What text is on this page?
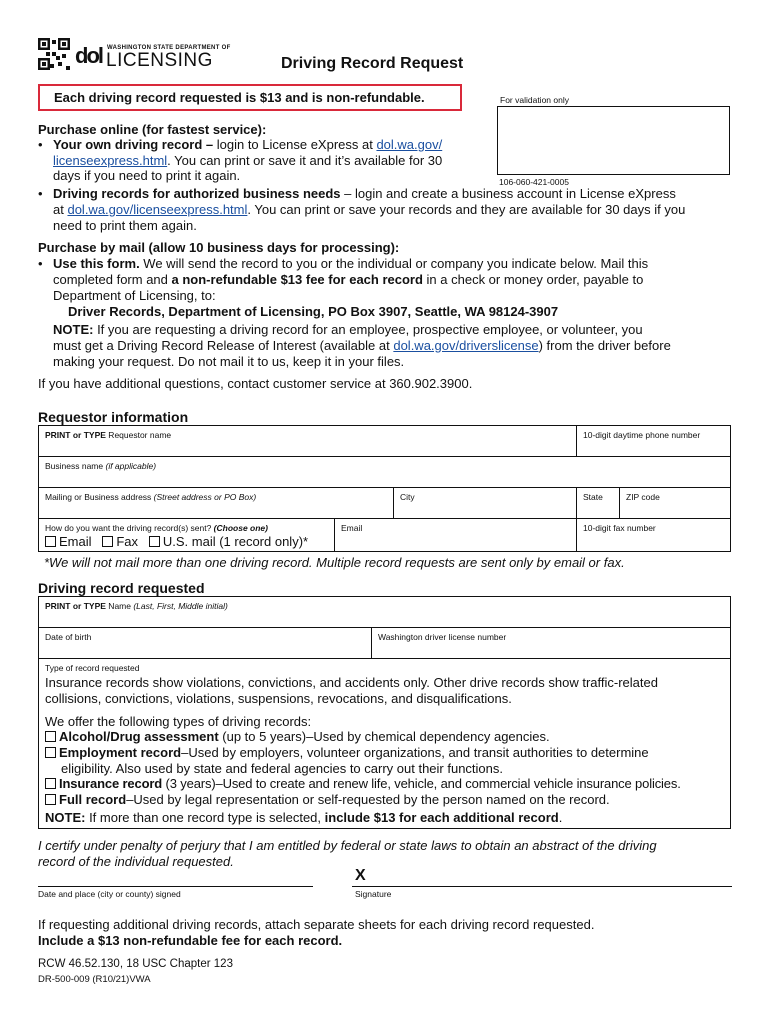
dol WASHINGTON STATE DEPARTMENT OF
LICENSING	Driving Record Request
Each driving record requested is $13 and is non-refundable.	For validation only
106-060-421-0005
Purchase online (for fastest service):
• Your own driving record – login to License eXpress at dol.wa.gov/
licenseexpress.html. You can print or save it and it’s available for 30
days if you need to print it again.
• Driving records for authorized business needs – login and create a business account in License eXpress
at dol.wa.gov/licenseexpress.html. You can print or save your records and they are available for 30 days if you
need to print them again.
Purchase by mail (allow 10 business days for processing):
• Use this form. We will send the record to you or the individual or company you indicate below. Mail this
completed form and a non-refundable $13 fee for each record in a check or money order, payable to
Department of Licensing, to:
Driver Records, Department of Licensing, PO Box 3907, Seattle, WA 98124-3907
NOTE: If you are requesting a driving record for an employee, prospective employee, or volunteer, you
must get a Driving Record Release of Interest (available at dol.wa.gov/driverslicense) from the driver before
making your request. Do not mail it to us, keep it in your files.
If you have additional questions, contact customer service at 360.902.3900.
Requestor information
PRINT or TYPE Requestor name	10-digit daytime phone number
Business name (if applicable)
Mailing or Business address (Street address or PO Box)	City	State	ZIP code
How do you want the driving record(s) sent? (Choose one)
Email Fax U.S. mail (1 record only)*
Email	10-digit fax number
*We will not mail more than one driving record. Multiple record requests are sent only by email or fax.
Driving record requested
PRINT or TYPE Name (Last, First, Middle initial)
Date of birth	Washington driver license number
Type of record requested
Insurance records show violations, convictions, and accidents only. Other drive records show traffic-related
collisions, convictions, violations, suspensions, revocations, and disqualifications.
We offer the following types of driving records:
Alcohol/Drug assessment (up to 5 years)–Used by chemical dependency agencies.
Employment record–Used by employers, volunteer organizations, and transit authorities to determine
eligibility. Also used by state and federal agencies to carry out their functions.
Insurance record (3 years)–Used to create and renew life, vehicle, and commercial vehicle insurance policies.
Full record–Used by legal representation or self-requested by the person named on the record.
NOTE: If more than one record type is selected, include $13 for each additional record.
I certify under penalty of perjury that I am entitled by federal or state laws to obtain an abstract of the driving
record of the individual requested.
Date and place (city or county) signed
X
Signature
If requesting additional driving records, attach separate sheets for each driving record requested.
Include a $13 non-refundable fee for each record.
RCW 46.52.130, 18 USC Chapter 123
DR-500-009 (R10/21)VWA
